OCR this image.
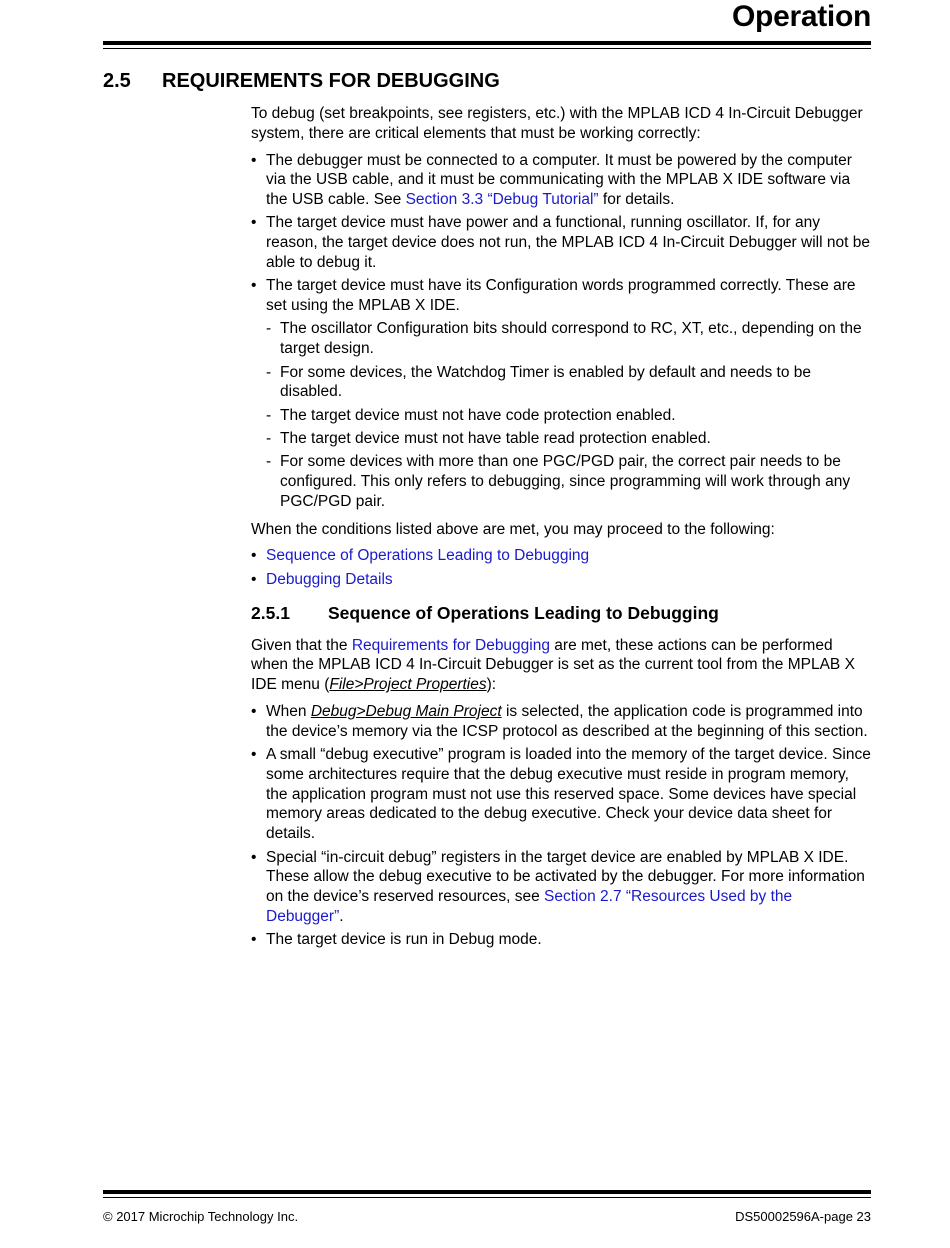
Operation
2.5 REQUIREMENTS FOR DEBUGGING

To debug (set breakpoints, see registers, etc.) with the MPLAB ICD 4 In-Circuit Debugger system, there are critical elements that must be working correctly:

• The debugger must be connected to a computer. It must be powered by the computer via the USB cable, and it must be communicating with the MPLAB X IDE software via the USB cable. See Section 3.3 “Debug Tutorial” for details.
• The target device must have power and a functional, running oscillator. If, for any reason, the target device does not run, the MPLAB ICD 4 In-Circuit Debugger will not be able to debug it.
• The target device must have its Configuration words programmed correctly. These are set using the MPLAB X IDE.
- The oscillator Configuration bits should correspond to RC, XT, etc., depending on the target design.
- For some devices, the Watchdog Timer is enabled by default and needs to be disabled.
- The target device must not have code protection enabled.
- The target device must not have table read protection enabled.
- For some devices with more than one PGC/PGD pair, the correct pair needs to be configured. This only refers to debugging, since programming will work through any PGC/PGD pair.

When the conditions listed above are met, you may proceed to the following:

• Sequence of Operations Leading to Debugging
• Debugging Details
2.5.1 Sequence of Operations Leading to Debugging

Given that the Requirements for Debugging are met, these actions can be performed when the MPLAB ICD 4 In-Circuit Debugger is set as the current tool from the MPLAB X IDE menu (File>Project Properties):

• When Debug>Debug Main Project is selected, the application code is programmed into the device’s memory via the ICSP protocol as described at the beginning of this section.
• A small “debug executive” program is loaded into the memory of the target device. Since some architectures require that the debug executive must reside in program memory, the application program must not use this reserved space. Some devices have special memory areas dedicated to the debug executive. Check your device data sheet for details.
• Special “in-circuit debug” registers in the target device are enabled by MPLAB X IDE. These allow the debug executive to be activated by the debugger. For more information on the device’s reserved resources, see Section 2.7 “Resources Used by the Debugger”.
• The target device is run in Debug mode.
© 2017 Microchip Technology Inc.	DS50002596A-page 23
